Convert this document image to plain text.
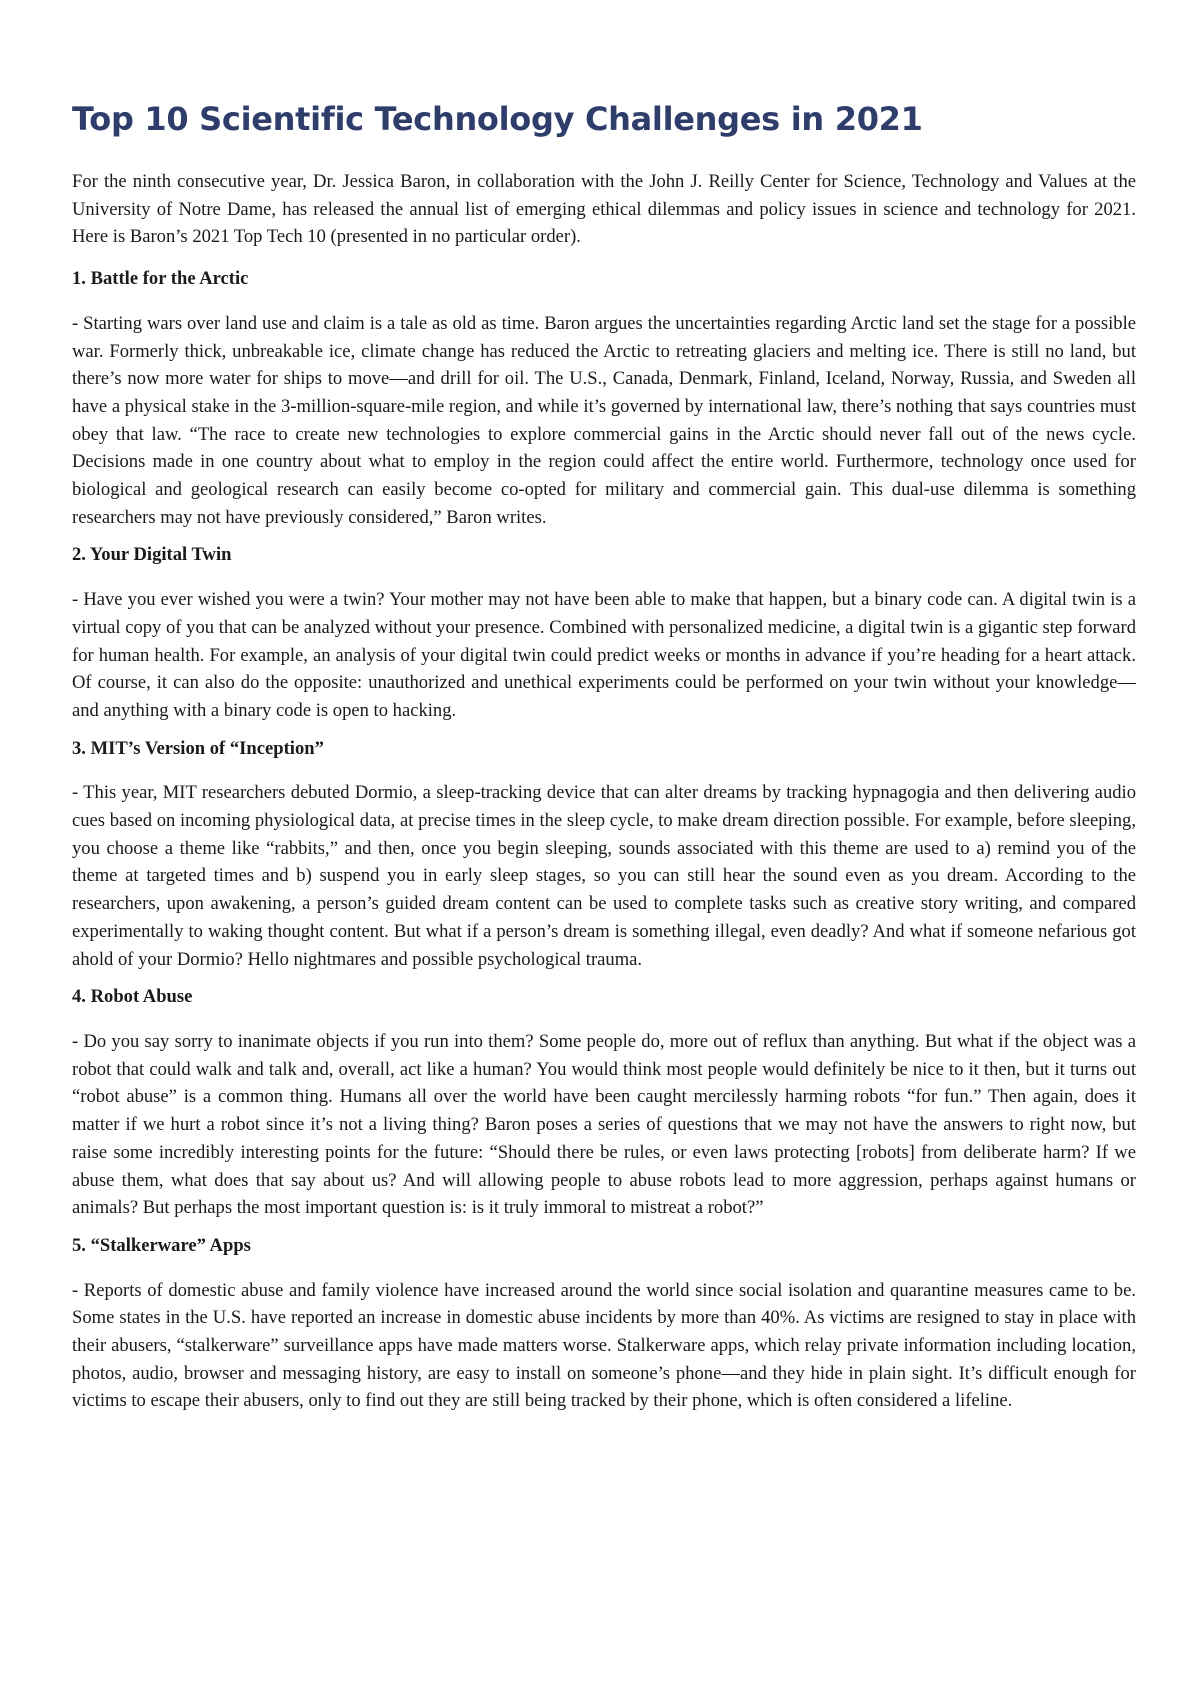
Top 10 Scientific Technology Challenges in 2021

For the ninth consecutive year, Dr. Jessica Baron, in collaboration with the John J. Reilly Center for Science, Technology and Values at the University of Notre Dame, has released the annual list of emerging ethical dilemmas and policy issues in science and technology for 2021. Here is Baron’s 2021 Top Tech 10 (presented in no particular order).

1. Battle for the Arctic

- Starting wars over land use and claim is a tale as old as time. Baron argues the uncertainties regarding Arctic land set the stage for a possible war. Formerly thick, unbreakable ice, climate change has reduced the Arctic to retreating glaciers and melting ice. There is still no land, but there’s now more water for ships to move—and drill for oil. The U.S., Canada, Denmark, Finland, Iceland, Norway, Russia, and Sweden all have a physical stake in the 3-million-square-mile region, and while it’s governed by international law, there’s nothing that says countries must obey that law. “The race to create new technologies to explore commercial gains in the Arctic should never fall out of the news cycle. Decisions made in one country about what to employ in the region could affect the entire world. Furthermore, technology once used for biological and geological research can easily become co-opted for military and commercial gain. This dual-use dilemma is something researchers may not have previously considered,” Baron writes.

2. Your Digital Twin

- Have you ever wished you were a twin? Your mother may not have been able to make that happen, but a binary code can. A digital twin is a virtual copy of you that can be analyzed without your presence. Combined with personalized medicine, a digital twin is a gigantic step forward for human health. For example, an analysis of your digital twin could predict weeks or months in advance if you’re heading for a heart attack. Of course, it can also do the opposite: unauthorized and unethical experiments could be performed on your twin without your knowledge—and anything with a binary code is open to hacking.

3. MIT’s Version of “Inception”

- This year, MIT researchers debuted Dormio, a sleep-tracking device that can alter dreams by tracking hypnagogia and then delivering audio cues based on incoming physiological data, at precise times in the sleep cycle, to make dream direction possible. For example, before sleeping, you choose a theme like “rabbits,” and then, once you begin sleeping, sounds associated with this theme are used to a) remind you of the theme at targeted times and b) suspend you in early sleep stages, so you can still hear the sound even as you dream. According to the researchers, upon awakening, a person’s guided dream content can be used to complete tasks such as creative story writing, and compared experimentally to waking thought content. But what if a person’s dream is something illegal, even deadly? And what if someone nefarious got ahold of your Dormio? Hello nightmares and possible psychological trauma.

4. Robot Abuse

- Do you say sorry to inanimate objects if you run into them? Some people do, more out of reflux than anything. But what if the object was a robot that could walk and talk and, overall, act like a human? You would think most people would definitely be nice to it then, but it turns out “robot abuse” is a common thing. Humans all over the world have been caught mercilessly harming robots “for fun.” Then again, does it matter if we hurt a robot since it’s not a living thing? Baron poses a series of questions that we may not have the answers to right now, but raise some incredibly interesting points for the future: “Should there be rules, or even laws protecting [robots] from deliberate harm? If we abuse them, what does that say about us? And will allowing people to abuse robots lead to more aggression, perhaps against humans or animals? But perhaps the most important question is: is it truly immoral to mistreat a robot?”

5. “Stalkerware” Apps

- Reports of domestic abuse and family violence have increased around the world since social isolation and quarantine measures came to be. Some states in the U.S. have reported an increase in domestic abuse incidents by more than 40%. As victims are resigned to stay in place with their abusers, “stalkerware” surveillance apps have made matters worse. Stalkerware apps, which relay private information including location, photos, audio, browser and messaging history, are easy to install on someone’s phone—and they hide in plain sight. It’s difficult enough for victims to escape their abusers, only to find out they are still being tracked by their phone, which is often considered a lifeline.
